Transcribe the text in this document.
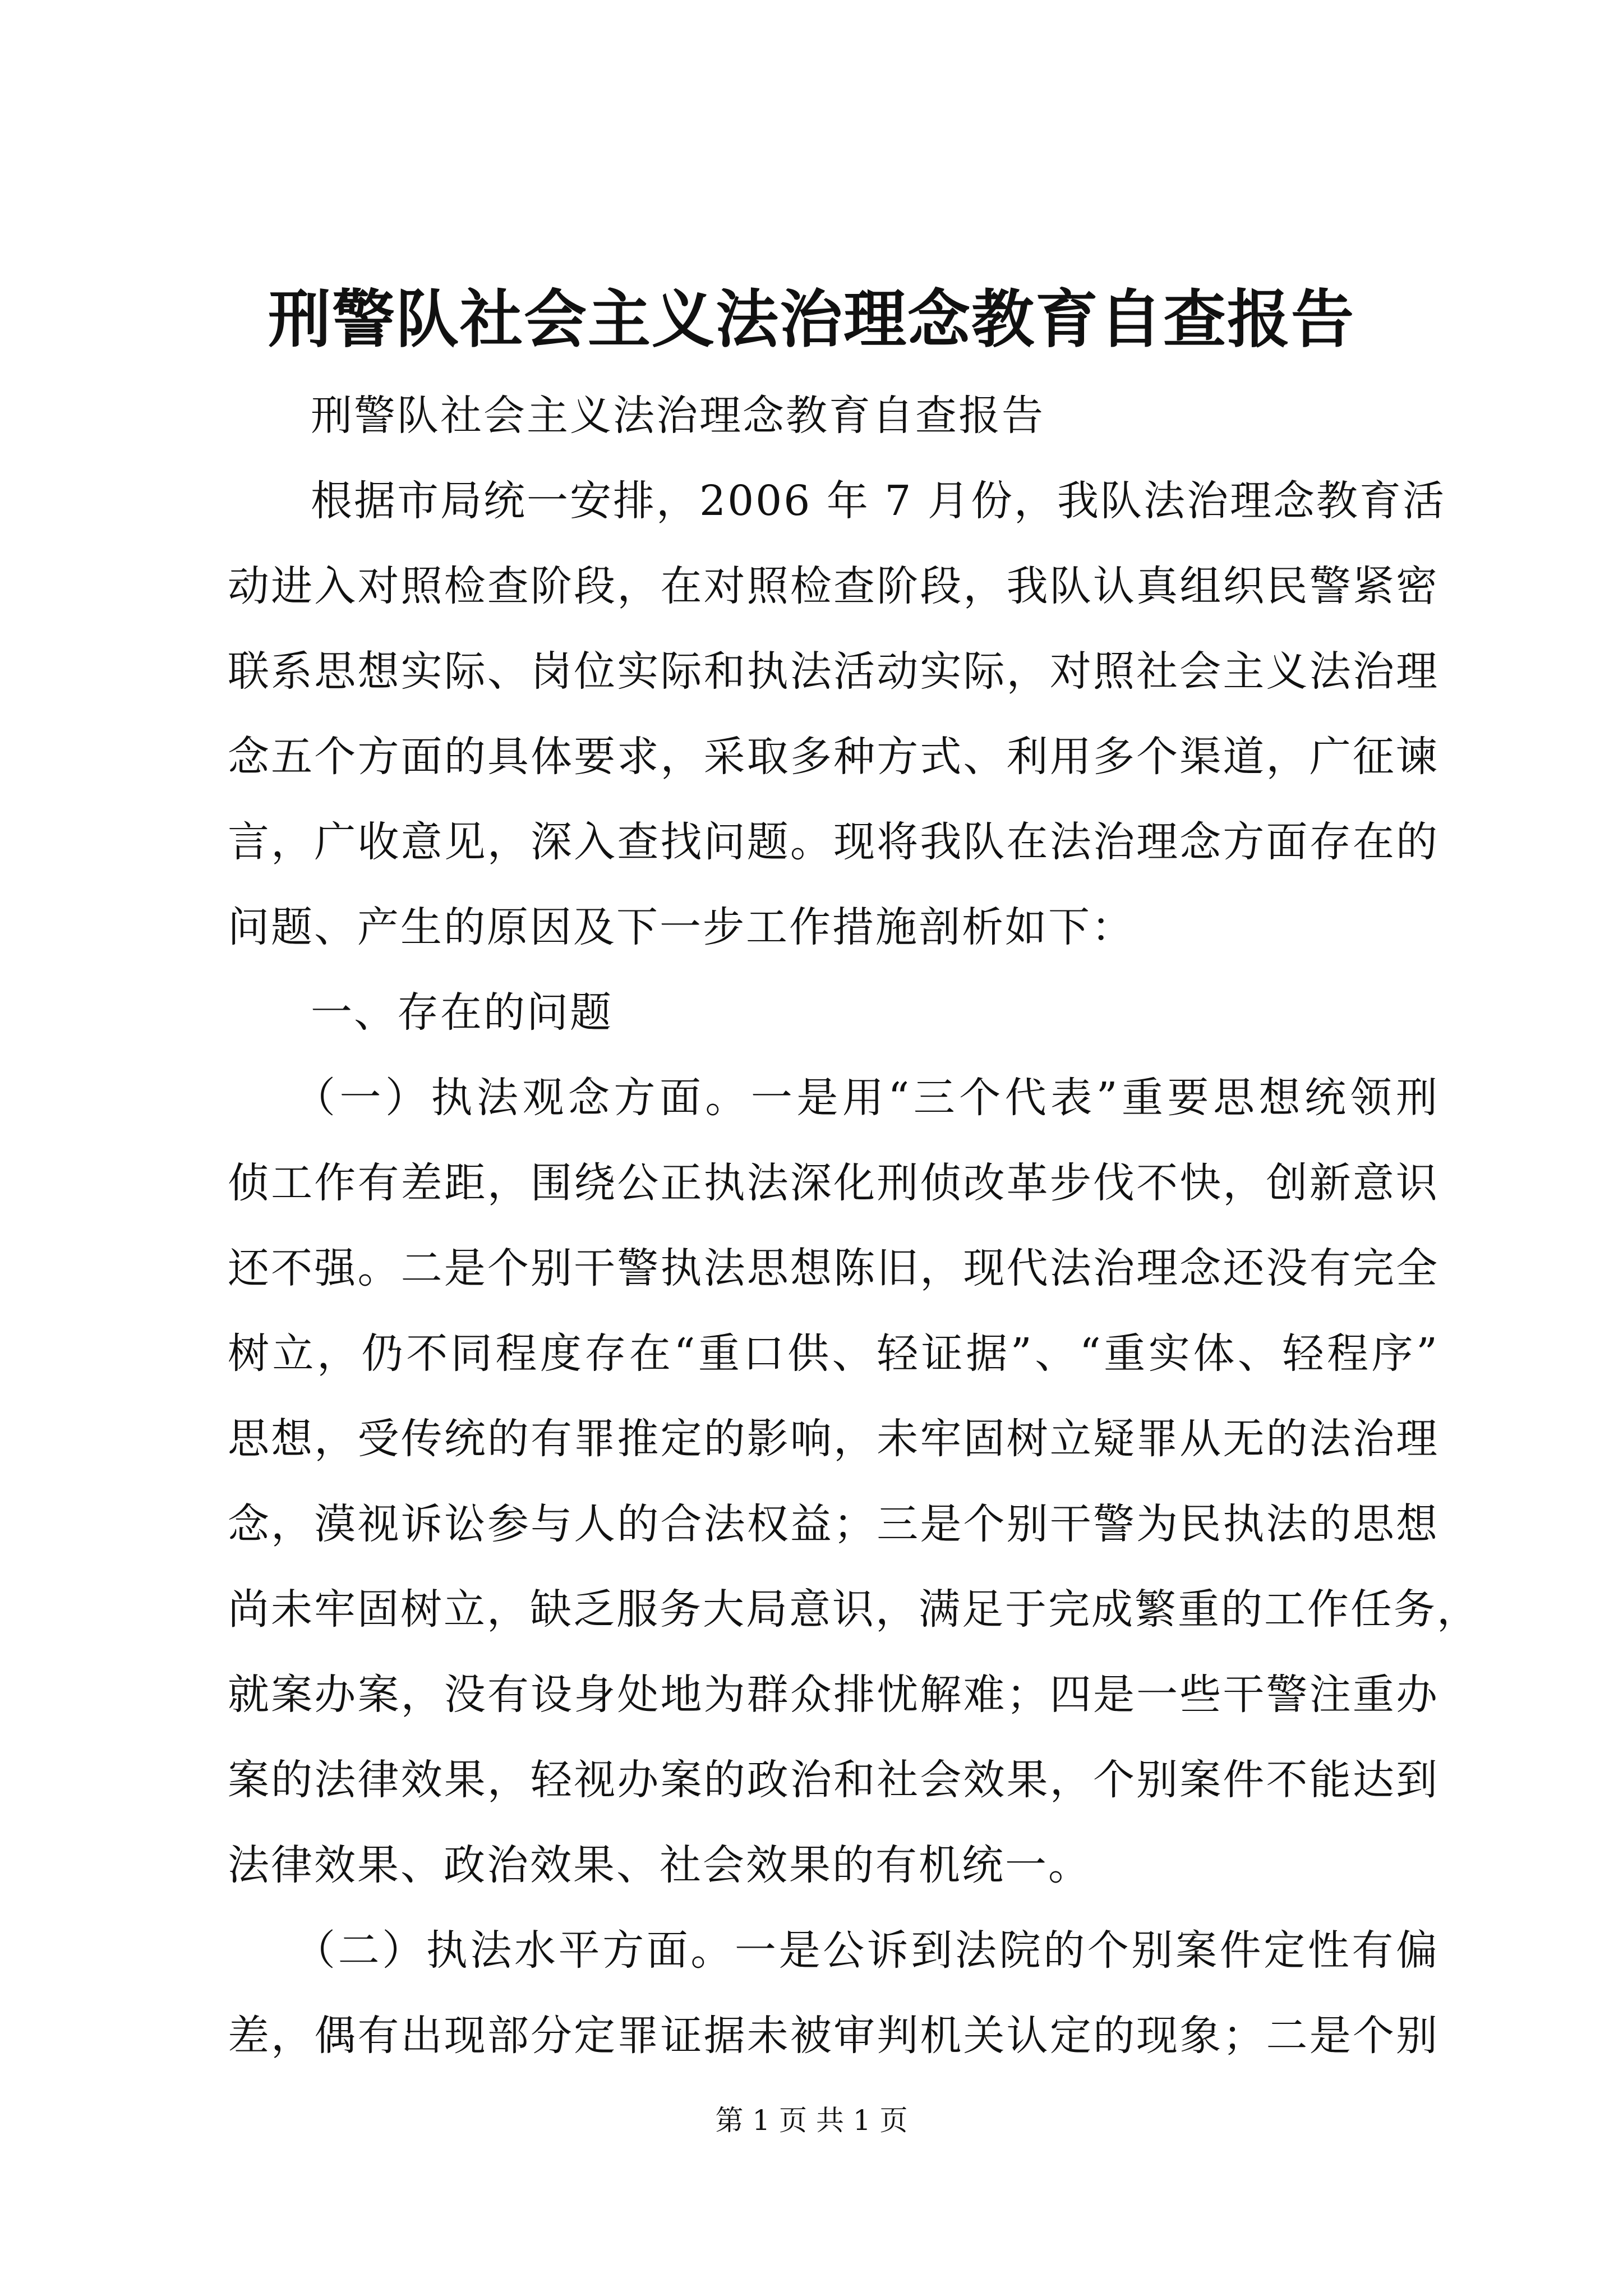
刑警队社会主义法治理念教育自查报告
刑警队社会主义法治理念教育自查报告
根据市局统一安排，2006 年 7 月份，我队法治理念教育活
动进入对照检查阶段，在对照检查阶段，我队认真组织民警紧密
联系思想实际、岗位实际和执法活动实际，对照社会主义法治理
念五个方面的具体要求，采取多种方式、利用多个渠道，广征谏
言，广收意见，深入查找问题。现将我队在法治理念方面存在的
问题、产生的原因及下一步工作措施剖析如下：
一、存在的问题
（一）执法观念方面。一是用“三个代表”重要思想统领刑
侦工作有差距，围绕公正执法深化刑侦改革步伐不快，创新意识
还不强。二是个别干警执法思想陈旧，现代法治理念还没有完全
树立，仍不同程度存在“重口供、轻证据”、“重实体、轻程序”
思想，受传统的有罪推定的影响，未牢固树立疑罪从无的法治理
念，漠视诉讼参与人的合法权益；三是个别干警为民执法的思想
尚未牢固树立，缺乏服务大局意识，满足于完成繁重的工作任务，
就案办案，没有设身处地为群众排忧解难；四是一些干警注重办
案的法律效果，轻视办案的政治和社会效果，个别案件不能达到
法律效果、政治效果、社会效果的有机统一。
（二）执法水平方面。一是公诉到法院的个别案件定性有偏
差，偶有出现部分定罪证据未被审判机关认定的现象；二是个别
第 1 页 共 1 页
